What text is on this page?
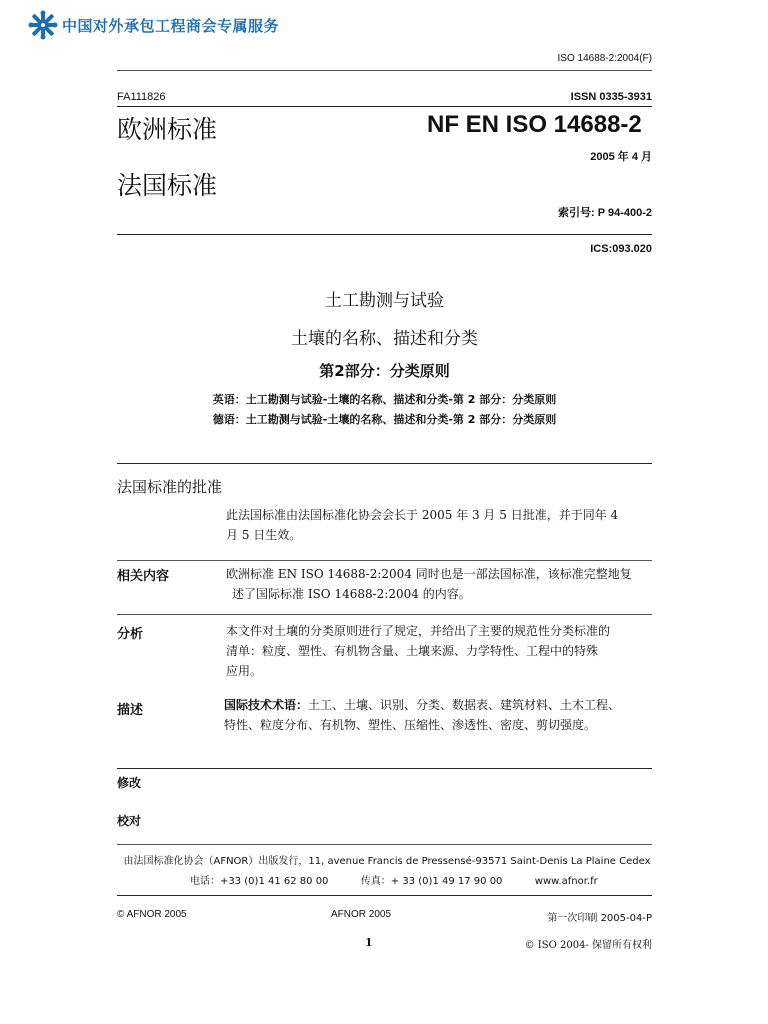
中国对外承包工程商会专属服务
ISO 14688-2:2004(F)
FA111826	ISSN 0335-3931
欧洲标准	NF EN ISO 14688-2
2005 年 4 月
法国标准
索引号: P 94-400-2
ICS:093.020
土工勘测与试验
土壤的名称、描述和分类
第2部分：分类原则
英语：土工勘测与试验-土壤的名称、描述和分类-第 2 部分：分类原则
德语：土工勘测与试验-土壤的名称、描述和分类-第 2 部分：分类原则
法国标准的批准
此法国标准由法国标准化协会会长于 2005 年 3 月 5 日批准，并于同年 4
月 5 日生效。
相关内容	欧洲标准 EN ISO 14688-2:2004 同时也是一部法国标准，该标准完整地复
述了国际标准 ISO 14688-2:2004 的内容。
分析	本文件对土壤的分类原则进行了规定，并给出了主要的规范性分类标准的
清单：粒度、塑性、有机物含量、土壤来源、力学特性、工程中的特殊
应用。
描述	国际技术术语：土工、土壤、识别、分类、数据表、建筑材料、土木工程、
特性、粒度分布、有机物、塑性、压缩性、渗透性、密度、剪切强度。
修改
校对
由法国标准化协会（AFNOR）出版发行，11, avenue Francis de Pressensé-93571 Saint-Denis La Plaine Cedex
电话：+33 (0)1 41 62 80 00	传真：+ 33 (0)1 49 17 90 00	www.afnor.fr
© AFNOR 2005	AFNOR 2005	第一次印刷 2005-04-P
1	© ISO 2004- 保留所有权利
